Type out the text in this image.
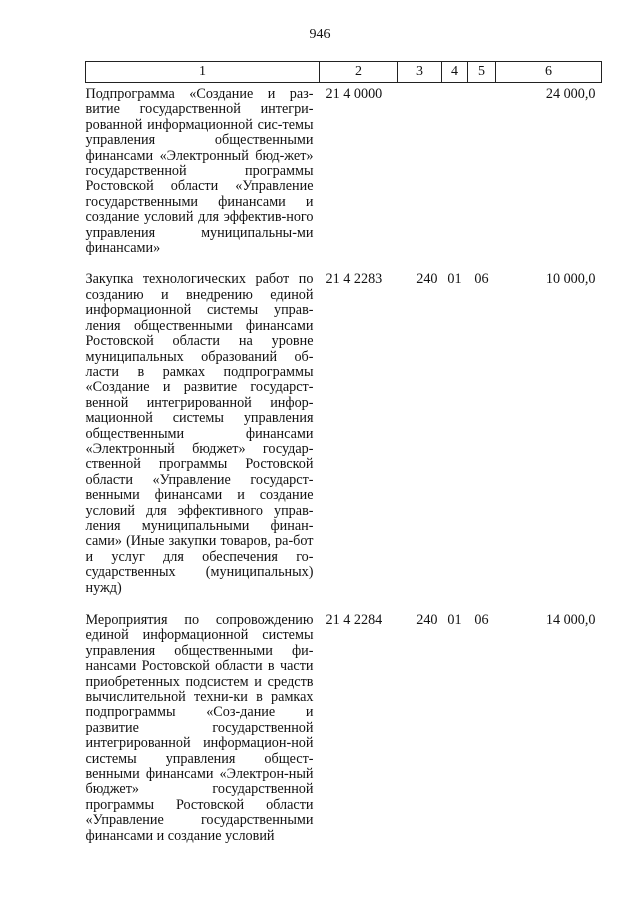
946
1	2	3	4	5	6
Подпрограмма «Создание и раз-витие государственной интегри-рованной информационной сис-темы управления общественными финансами «Электронный бюд-жет» государственной программы Ростовской области «Управление государственными финансами и создание условий для эффектив-ного управления муниципальны-ми финансами»	21 4 0000				24 000,0
Закупка технологических работ по созданию и внедрению единой информационной системы управ-ления общественными финансами Ростовской области на уровне муниципальных образований об-ласти в рамках подпрограммы «Создание и развитие государст-венной интегрированной инфор-мационной системы управления общественными финансами «Электронный бюджет» государ-ственной программы Ростовской области «Управление государст-венными финансами и создание условий для эффективного управ-ления муниципальными финан-сами» (Иные закупки товаров, ра-бот и услуг для обеспечения го-сударственных (муниципальных) нужд)	21 4 2283	240	01	06	10 000,0
Мероприятия по сопровождению единой информационной системы управления общественными фи-нансами Ростовской области в части приобретенных подсистем и средств вычислительной техни-ки в рамках подпрограммы «Соз-дание и развитие государственной интегрированной информацион-ной системы управления общест-венными финансами «Электрон-ный бюджет» государственной программы Ростовской области «Управление государственными финансами и создание условий	21 4 2284	240	01	06	14 000,0
